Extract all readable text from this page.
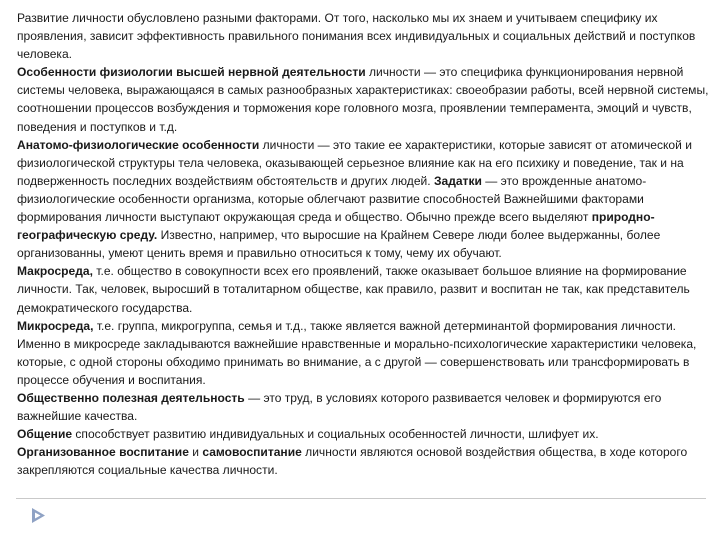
Развитие личности обусловлено разными факторами. От того, насколько мы их знаем и учитываем специфику их проявления, зависит эффективность правильного понимания всех индивидуальных и социальных действий и поступков человека.

Особенности физиологии высшей нервной деятельности личности — это специфика функционирования нервной системы человека, выражающаяся в самых разнообразных характеристиках: своеобразии работы, всей нервной системы, соотношении процессов возбуждения и торможения коре головного мозга, проявлении темперамента, эмоций и чувств, поведения и поступков и т.д.

Анатомо-физиологические особенности личности — это такие ее характеристики, которые зависят от атомической и физиологической структуры тела человека, оказывающей серьезное влияние как на его психику и поведение, так и на подверженность последних воздействиям обстоятельств и других людей. Задатки — это врожденные анатомо-физиологические особенности организма, которые облегчают развитие способностей Важнейшими факторами формирования личности выступают окружающая среда и общество. Обычно прежде всего выделяют природно-географическую среду. Известно, например, что выросшие на Крайнем Севере люди более выдержанны, более организованны, умеют ценить время и правильно относиться к тому, чему их обучают.

Макросреда, т.е. общество в совокупности всех его проявлений, также оказывает большое влияние на формирование личности. Так, человек, выросший в тоталитарном обществе, как правило, развит и воспитан не так, как представитель демократического государства.

Микросреда, т.е. группа, микрогруппа, семья и т.д., также является важной детерминантой формирования личности. Именно в микросреде закладываются важнейшие нравственные и морально-психологические характеристики человека, которые, с одной стороны обходимо принимать во внимание, а с другой — совершенствовать или трансформировать в процессе обучения и воспитания.

Общественно полезная деятельность — это труд, в условиях которого развивается человек и формируются его важнейшие качества.

Общение способствует развитию индивидуальных и социальных особенностей личности, шлифует их.

Организованное воспитание и самовоспитание личности являются основой воздействия общества, в ходе которого закрепляются социальные качества личности.
